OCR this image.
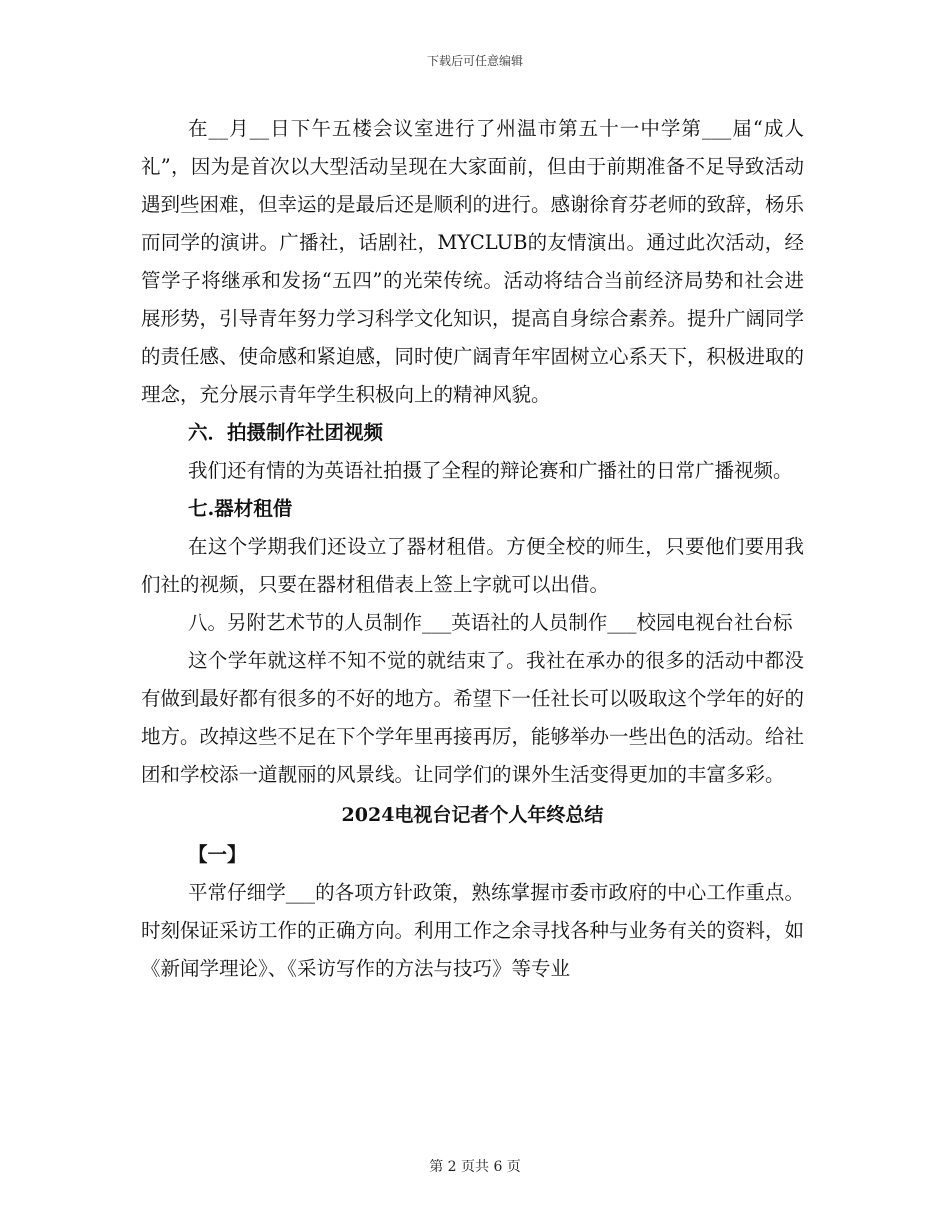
下载后可任意编辑

在__月__日下午五楼会议室进行了州温市第五十一中学第___届“成人礼”，因为是首次以大型活动呈现在大家面前，但由于前期准备不足导致活动遇到些困难，但幸运的是最后还是顺利的进行。感谢徐育芬老师的致辞，杨乐而同学的演讲。广播社，话剧社，MYCLUB的友情演出。通过此次活动，经管学子将继承和发扬“五四”的光荣传统。活动将结合当前经济局势和社会进展形势，引导青年努力学习科学文化知识，提高自身综合素养。提升广阔同学的责任感、使命感和紧迫感，同时使广阔青年牢固树立心系天下，积极进取的理念，充分展示青年学生积极向上的精神风貌。

六．拍摄制作社团视频

我们还有情的为英语社拍摄了全程的辩论赛和广播社的日常广播视频。

七.器材租借

在这个学期我们还设立了器材租借。方便全校的师生，只要他们要用我们社的视频，只要在器材租借表上签上字就可以出借。

八。另附艺术节的人员制作___英语社的人员制作___校园电视台社台标

这个学年就这样不知不觉的就结束了。我社在承办的很多的活动中都没有做到最好都有很多的不好的地方。希望下一任社长可以吸取这个学年的好的地方。改掉这些不足在下个学年里再接再厉，能够举办一些出色的活动。给社团和学校添一道靓丽的风景线。让同学们的课外生活变得更加的丰富多彩。

2024电视台记者个人年终总结

【一】

平常仔细学___的各项方针政策，熟练掌握市委市政府的中心工作重点。时刻保证采访工作的正确方向。利用工作之余寻找各种与业务有关的资料，如《新闻学理论》、《采访写作的方法与技巧》等专业

第 2 页共 6 页
